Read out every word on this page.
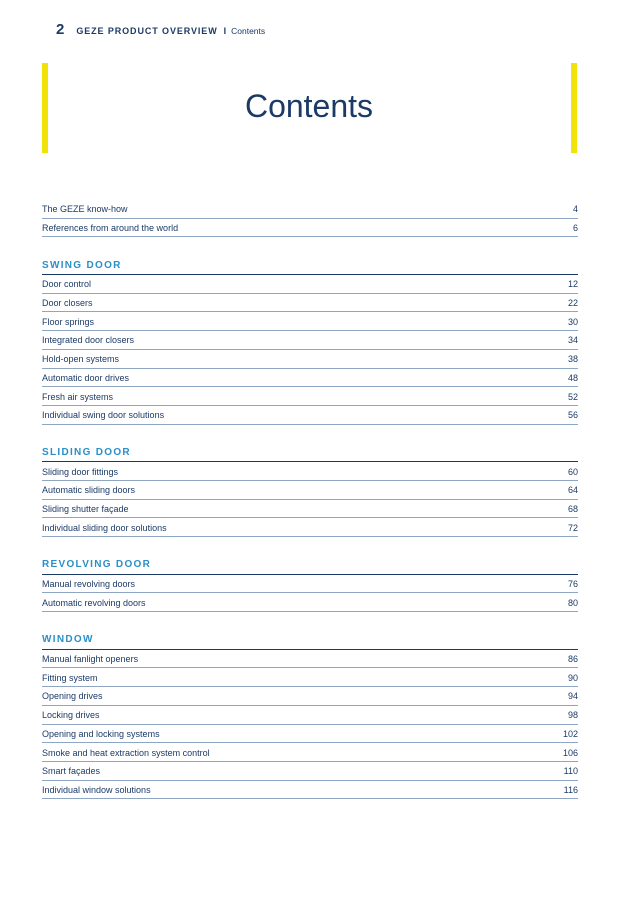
2 GEZE PRODUCT OVERVIEW I Contents
Contents
The GEZE know-how	4
References from around the world	6
SWING DOOR
Door control	12
Door closers	22
Floor springs	30
Integrated door closers	34
Hold-open systems	38
Automatic door drives	48
Fresh air systems	52
Individual swing door solutions	56
SLIDING DOOR
Sliding door fittings	60
Automatic sliding doors	64
Sliding shutter façade	68
Individual sliding door solutions	72
REVOLVING DOOR
Manual revolving doors	76
Automatic revolving doors	80
WINDOW
Manual fanlight openers	86
Fitting system	90
Opening drives	94
Locking drives	98
Opening and locking systems	102
Smoke and heat extraction system control	106
Smart façades	110
Individual window solutions	116
